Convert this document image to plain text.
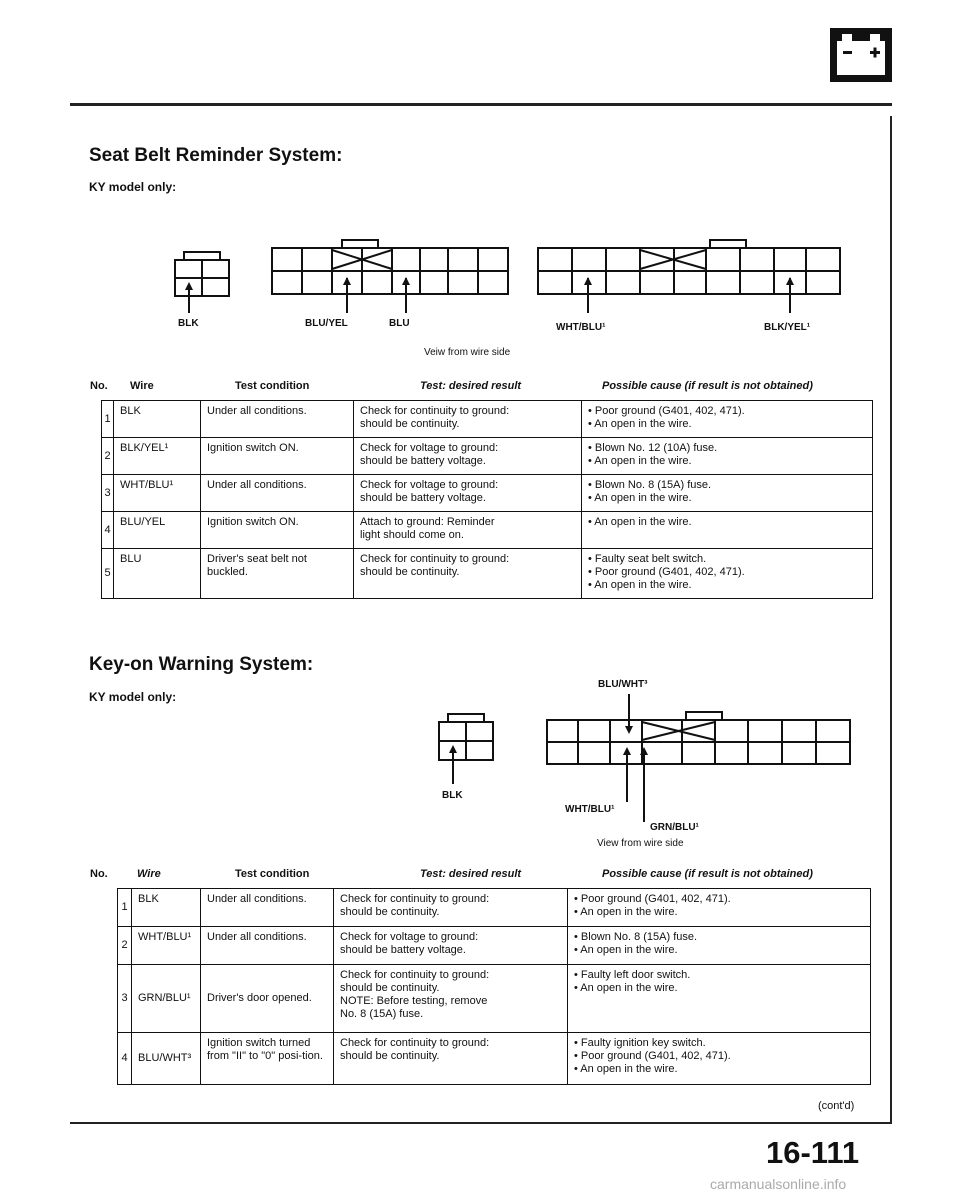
Seat Belt Reminder System:
KY model only:
BLK	BLU/YEL	BLU	WHT/BLU¹	BLK/YEL¹
Veiw from wire side
No. Wire	Test condition	Test: desired result	Possible cause (if result is not obtained)
1	BLK	Under all conditions.	Check for continuity to ground:
should be continuity.	• Poor ground (G401, 402, 471).
• An open in the wire.

2	BLK/YEL¹	Ignition switch ON.	Check for voltage to ground:
should be battery voltage.	• Blown No. 12 (10A) fuse.
• An open in the wire.

3	WHT/BLU¹	Under all conditions.	Check for voltage to ground:
should be battery voltage.	• Blown No. 8 (15A) fuse.
• An open in the wire.

4	BLU/YEL	Ignition switch ON.	Attach to ground: Reminder
light should come on.	• An open in the wire.

5	BLU	Driver's seat belt not buckled.	Check for continuity to ground:
should be continuity.	• Faulty seat belt switch.
• Poor ground (G401, 402, 471).
• An open in the wire.
Key-on Warning System:
KY model only:
BLU/WHT³
BLK
WHT/BLU¹
GRN/BLU¹
View from wire side
No.	Wire	Test condition	Test: desired result	Possible cause (if result is not obtained)
1	BLK	Under all conditions.	Check for continuity to ground:
should be continuity.	• Poor ground (G401, 402, 471).
• An open in the wire.

2	WHT/BLU¹	Under all conditions.	Check for voltage to ground:
should be battery voltage.	• Blown No. 8 (15A) fuse.
• An open in the wire.

3	GRN/BLU¹	Driver's door opened.	Check for continuity to ground:
should be continuity.
NOTE: Before testing, remove
No. 8 (15A) fuse.	• Faulty left door switch.
• An open in the wire.

4	BLU/WHT³	Ignition switch turned from "II" to "0" posi-tion.	Check for continuity to ground:
should be continuity.	• Faulty ignition key switch.
• Poor ground (G401, 402, 471).
• An open in the wire.
(cont'd)
16-111
carmanualsonline.info
